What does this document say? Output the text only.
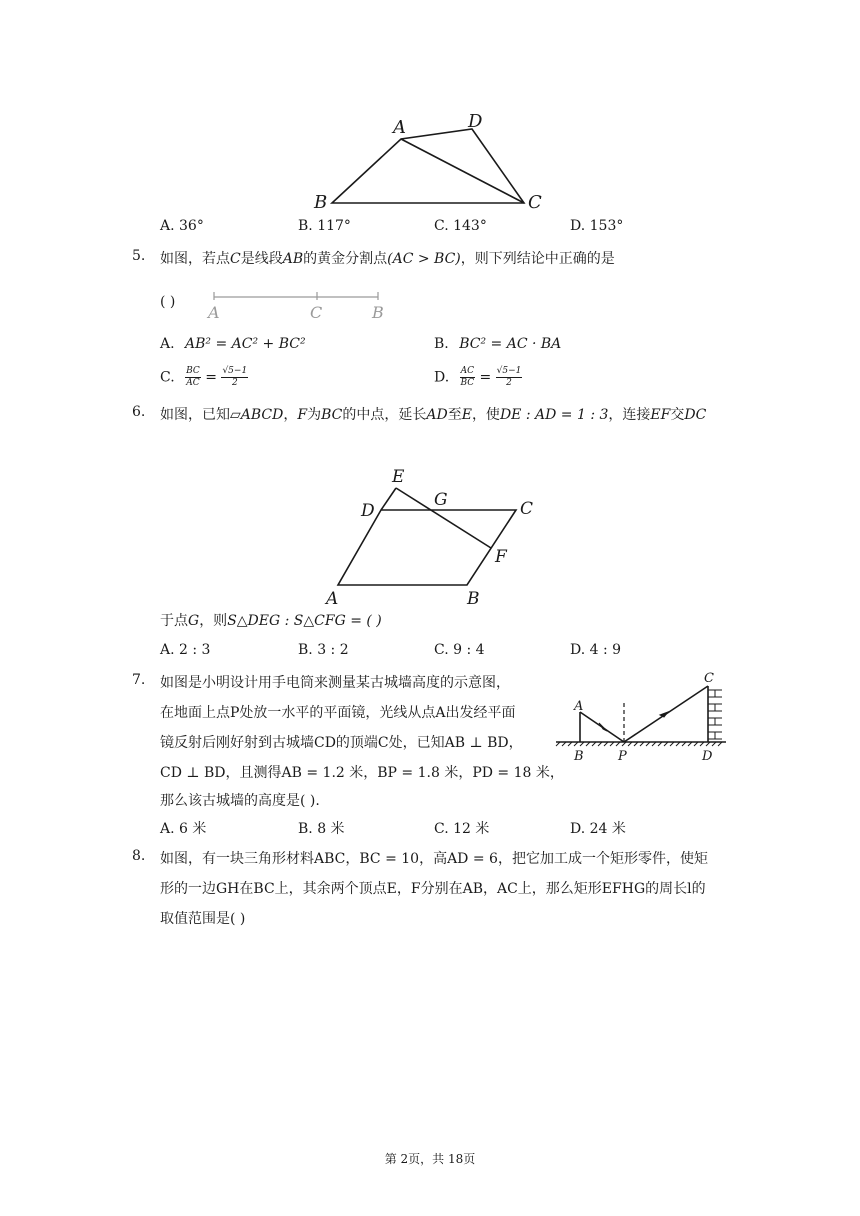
A	D
B	C
A. 36°	B. 117°	C. 143°	D. 153°
5. 如图，若点C是线段AB的黄金分割点(AC > BC)，则下列结论中正确的是
( )
A	C	B
A. AB² = AC² + BC²	B. BC² = AC · BA
C. $\frac{BC}{AC} = \frac{√5-1}{2}$	D. $\frac{AC}{BC} = \frac{√5-1}{2}$
6. 如图，已知▱ABCD，F为BC的中点，延长AD至E，使DE : AD = 1 : 3，连接EF交DC
E
D
G	C
F
A	B
于点G，则S△DEG : S△CFG = ( )
A. 2 : 3	B. 3 : 2	C. 9 : 4	D. 4 : 9
7. 如图是小明设计用手电筒来测量某古城墙高度的示意图，
在地面上点P处放一水平的平面镜，光线从点A出发经平面
镜反射后刚好射到古城墙CD的顶端C处，已知AB ⊥ BD，
CD ⊥ BD，且测得AB = 1.2 米，BP = 1.8 米，PD = 18 米，
那么该古城墙的高度是( ).
A
B	P	D
C
A. 6 米	B. 8 米	C. 12 米	D. 24 米
8. 如图，有一块三角形材料ABC，BC = 10，高AD = 6，把它加工成一个矩形零件，使矩
形的一边GH在BC上，其余两个顶点E，F分别在AB，AC上，那么矩形EFHG的周长l的
取值范围是( )
第 2页，共 18页
